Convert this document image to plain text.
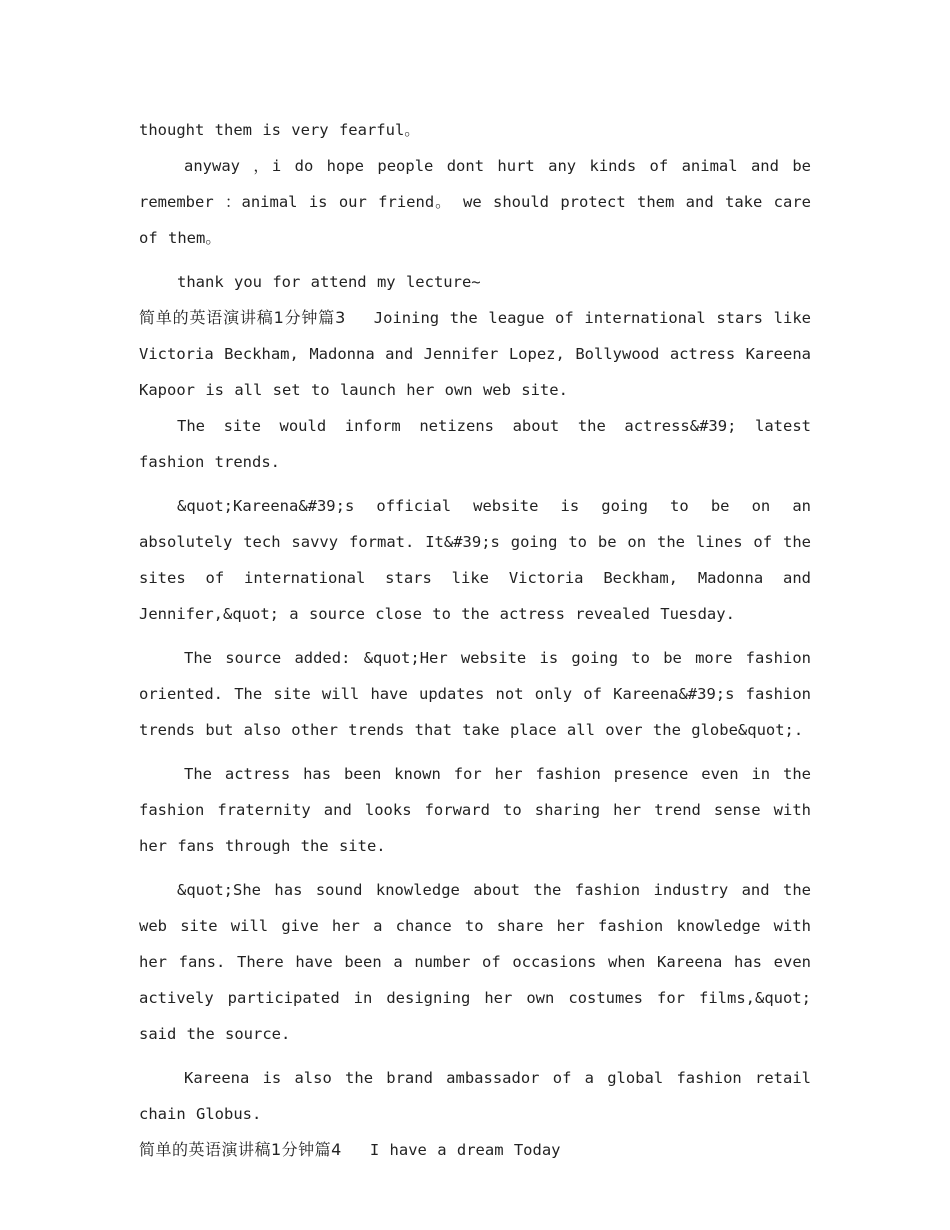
thought them is very fearful。

anyway ，i do hope people dont hurt any kinds of animal and be remember ：animal is our friend。 we should protect them and take care of them。

thank you for attend my lecture~

简单的英语演讲稿1分钟篇3 Joining the league of international stars like Victoria Beckham, Madonna and Jennifer Lopez, Bollywood actress Kareena Kapoor is all set to launch her own web site.

The site would inform netizens about the actress&#39; latest fashion trends.

&quot;Kareena&#39;s official website is going to be on an absolutely tech savvy format. It&#39;s going to be on the lines of the sites of international stars like Victoria Beckham, Madonna and Jennifer,&quot; a source close to the actress revealed Tuesday.

The source added: &quot;Her website is going to be more fashion oriented. The site will have updates not only of Kareena&#39;s fashion trends but also other trends that take place all over the globe&quot;.

The actress has been known for her fashion presence even in the fashion fraternity and looks forward to sharing her trend sense with her fans through the site.

&quot;She has sound knowledge about the fashion industry and the web site will give her a chance to share her fashion knowledge with her fans. There have been a number of occasions when Kareena has even actively participated in designing her own costumes for films,&quot; said the source.

Kareena is also the brand ambassador of a global fashion retail chain Globus.

简单的英语演讲稿1分钟篇4 I have a dream Today
